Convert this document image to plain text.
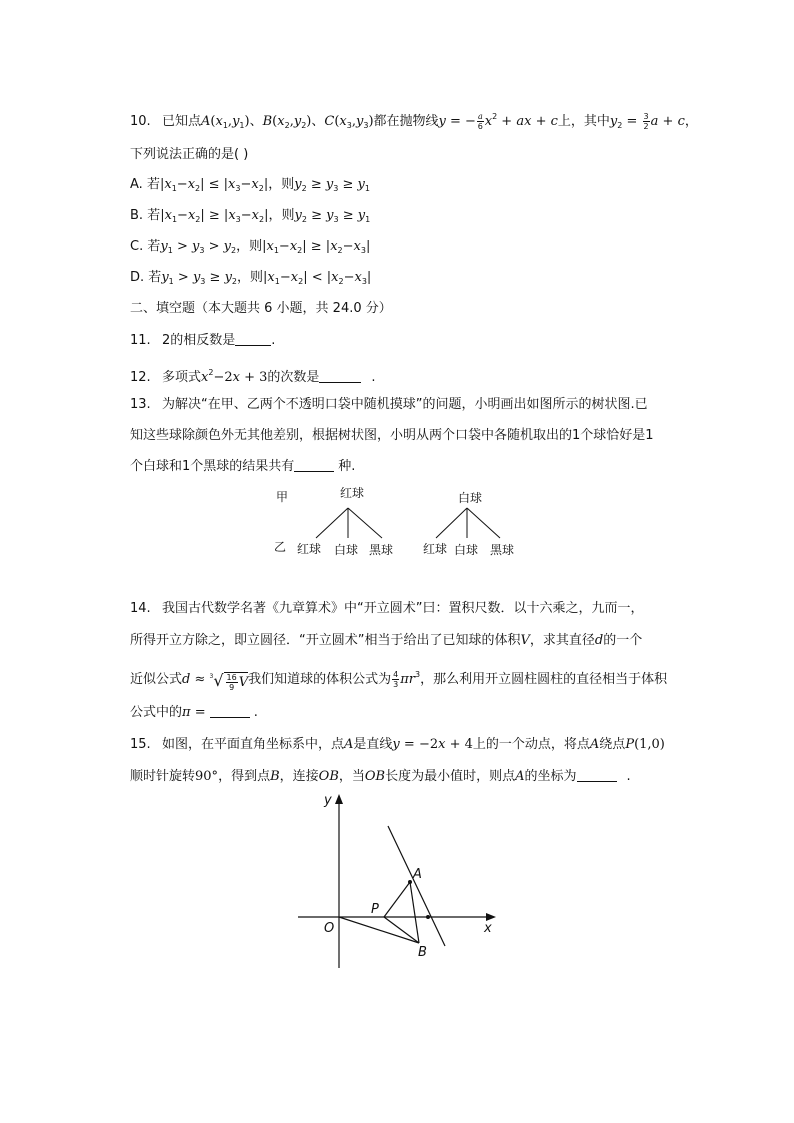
10. 已知点$A(x_1,y_1)$、$B(x_2,y_2)$、$C(x_3,y_3)$都在抛物线y = − $\frac{a}{6} x^2$ + ax + c上，其中$y_2 = \frac{3}{2}$ a + c，
下列说法正确的是( )
A. 若$|x_1-x_2| \le |x_3-x_2|$，则$y_2 \ge y_3 \ge y_1$
B. 若$|x_1-x_2| \ge |x_3-x_2|$，则$y_2 \ge y_3 \ge y_1$
C. 若$y_1 > y_3 > y_2$，则$|x_1-x_2| \ge |x_2-x_3|$
D. 若$y_1 > y_3 \ge y_2$，则$|x_1-x_2| < |x_2-x_3|$
二、填空题（本大题共 6 小题，共 24.0 分）
11. 2的相反数是	.
12. 多项式$x^2-2x + 3$的次数是	.
13. 为解决“在甲、乙两个不透明口袋中随机摸球”的问题，小明画出如图所示的树状图.已
知这些球除颜色外无其他差别，根据树状图，小明从两个口袋中各随机取出的1个球恰好是1
个白球和1个黑球的结果共有	种.
甲	红球	白球
乙 红球 白球 黑球 红球 白球 黑球
14. 我国古代数学名著《九章算术》中“开立圆术”曰：置积尺数．以十六乘之，九而一，
所得开立方除之，即立圆径．“开立圆术”相当于给出了已知球的体积V，求其直径d的一个
近似公式$d \approx ^3√ \frac{16}{9}$ V我们知道球的体积公式为 $\frac{4}{3} \pi r^3$，那么利用开立圆柱圆柱的直径相当于体积
公式中的π =	.
15. 如图，在平面直角坐标系中，点A是直线y = −2x + 4上的一个动点，将点A绕点P(1,0)
顺时针旋转90°，得到点B，连接OB，当OB长度为最小值时，则点A的坐标为	.
y
x
O
P
A
B
